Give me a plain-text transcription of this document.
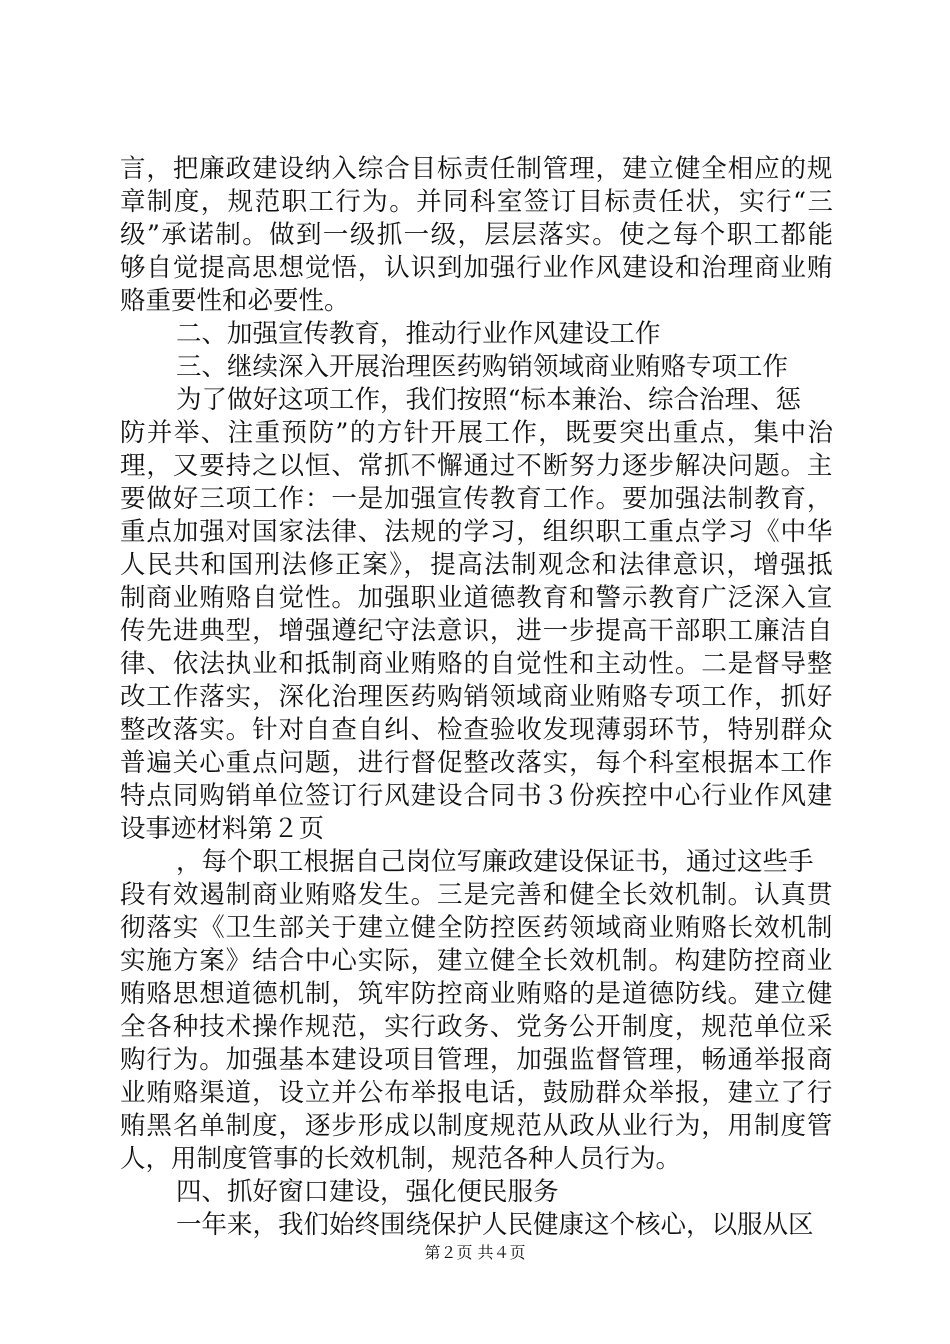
言，把廉政建设纳入综合目标责任制管理，建立健全相应的规
章制度，规范职工行为。并同科室签订目标责任状，实行“三
级”承诺制。做到一级抓一级，层层落实。使之每个职工都能
够自觉提高思想觉悟，认识到加强行业作风建设和治理商业贿
赂重要性和必要性。
二、加强宣传教育，推动行业作风建设工作
三、继续深入开展治理医药购销领域商业贿赂专项工作
为了做好这项工作，我们按照“标本兼治、综合治理、惩
防并举、注重预防”的方针开展工作，既要突出重点，集中治
理，又要持之以恒、常抓不懈通过不断努力逐步解决问题。主
要做好三项工作：一是加强宣传教育工作。要加强法制教育，
重点加强对国家法律、法规的学习，组织职工重点学习《中华
人民共和国刑法修正案》，提高法制观念和法律意识，增强抵
制商业贿赂自觉性。加强职业道德教育和警示教育广泛深入宣
传先进典型，增强遵纪守法意识，进一步提高干部职工廉洁自
律、依法执业和抵制商业贿赂的自觉性和主动性。二是督导整
改工作落实，深化治理医药购销领域商业贿赂专项工作，抓好
整改落实。针对自查自纠、检查验收发现薄弱环节，特别群众
普遍关心重点问题，进行督促整改落实，每个科室根据本工作
特点同购销单位签订行风建设合同书３份疾控中心行业作风建
设事迹材料第２页
，每个职工根据自己岗位写廉政建设保证书，通过这些手
段有效遏制商业贿赂发生。三是完善和健全长效机制。认真贯
彻落实《卫生部关于建立健全防控医药领域商业贿赂长效机制
实施方案》结合中心实际，建立健全长效机制。构建防控商业
贿赂思想道德机制，筑牢防控商业贿赂的是道德防线。建立健
全各种技术操作规范，实行政务、党务公开制度，规范单位采
购行为。加强基本建设项目管理，加强监督管理，畅通举报商
业贿赂渠道，设立并公布举报电话，鼓励群众举报，建立了行
贿黑名单制度，逐步形成以制度规范从政从业行为，用制度管
人，用制度管事的长效机制，规范各种人员行为。
四、抓好窗口建设，强化便民服务
一年来，我们始终围绕保护人民健康这个核心，以服从区
第２页 共４页
